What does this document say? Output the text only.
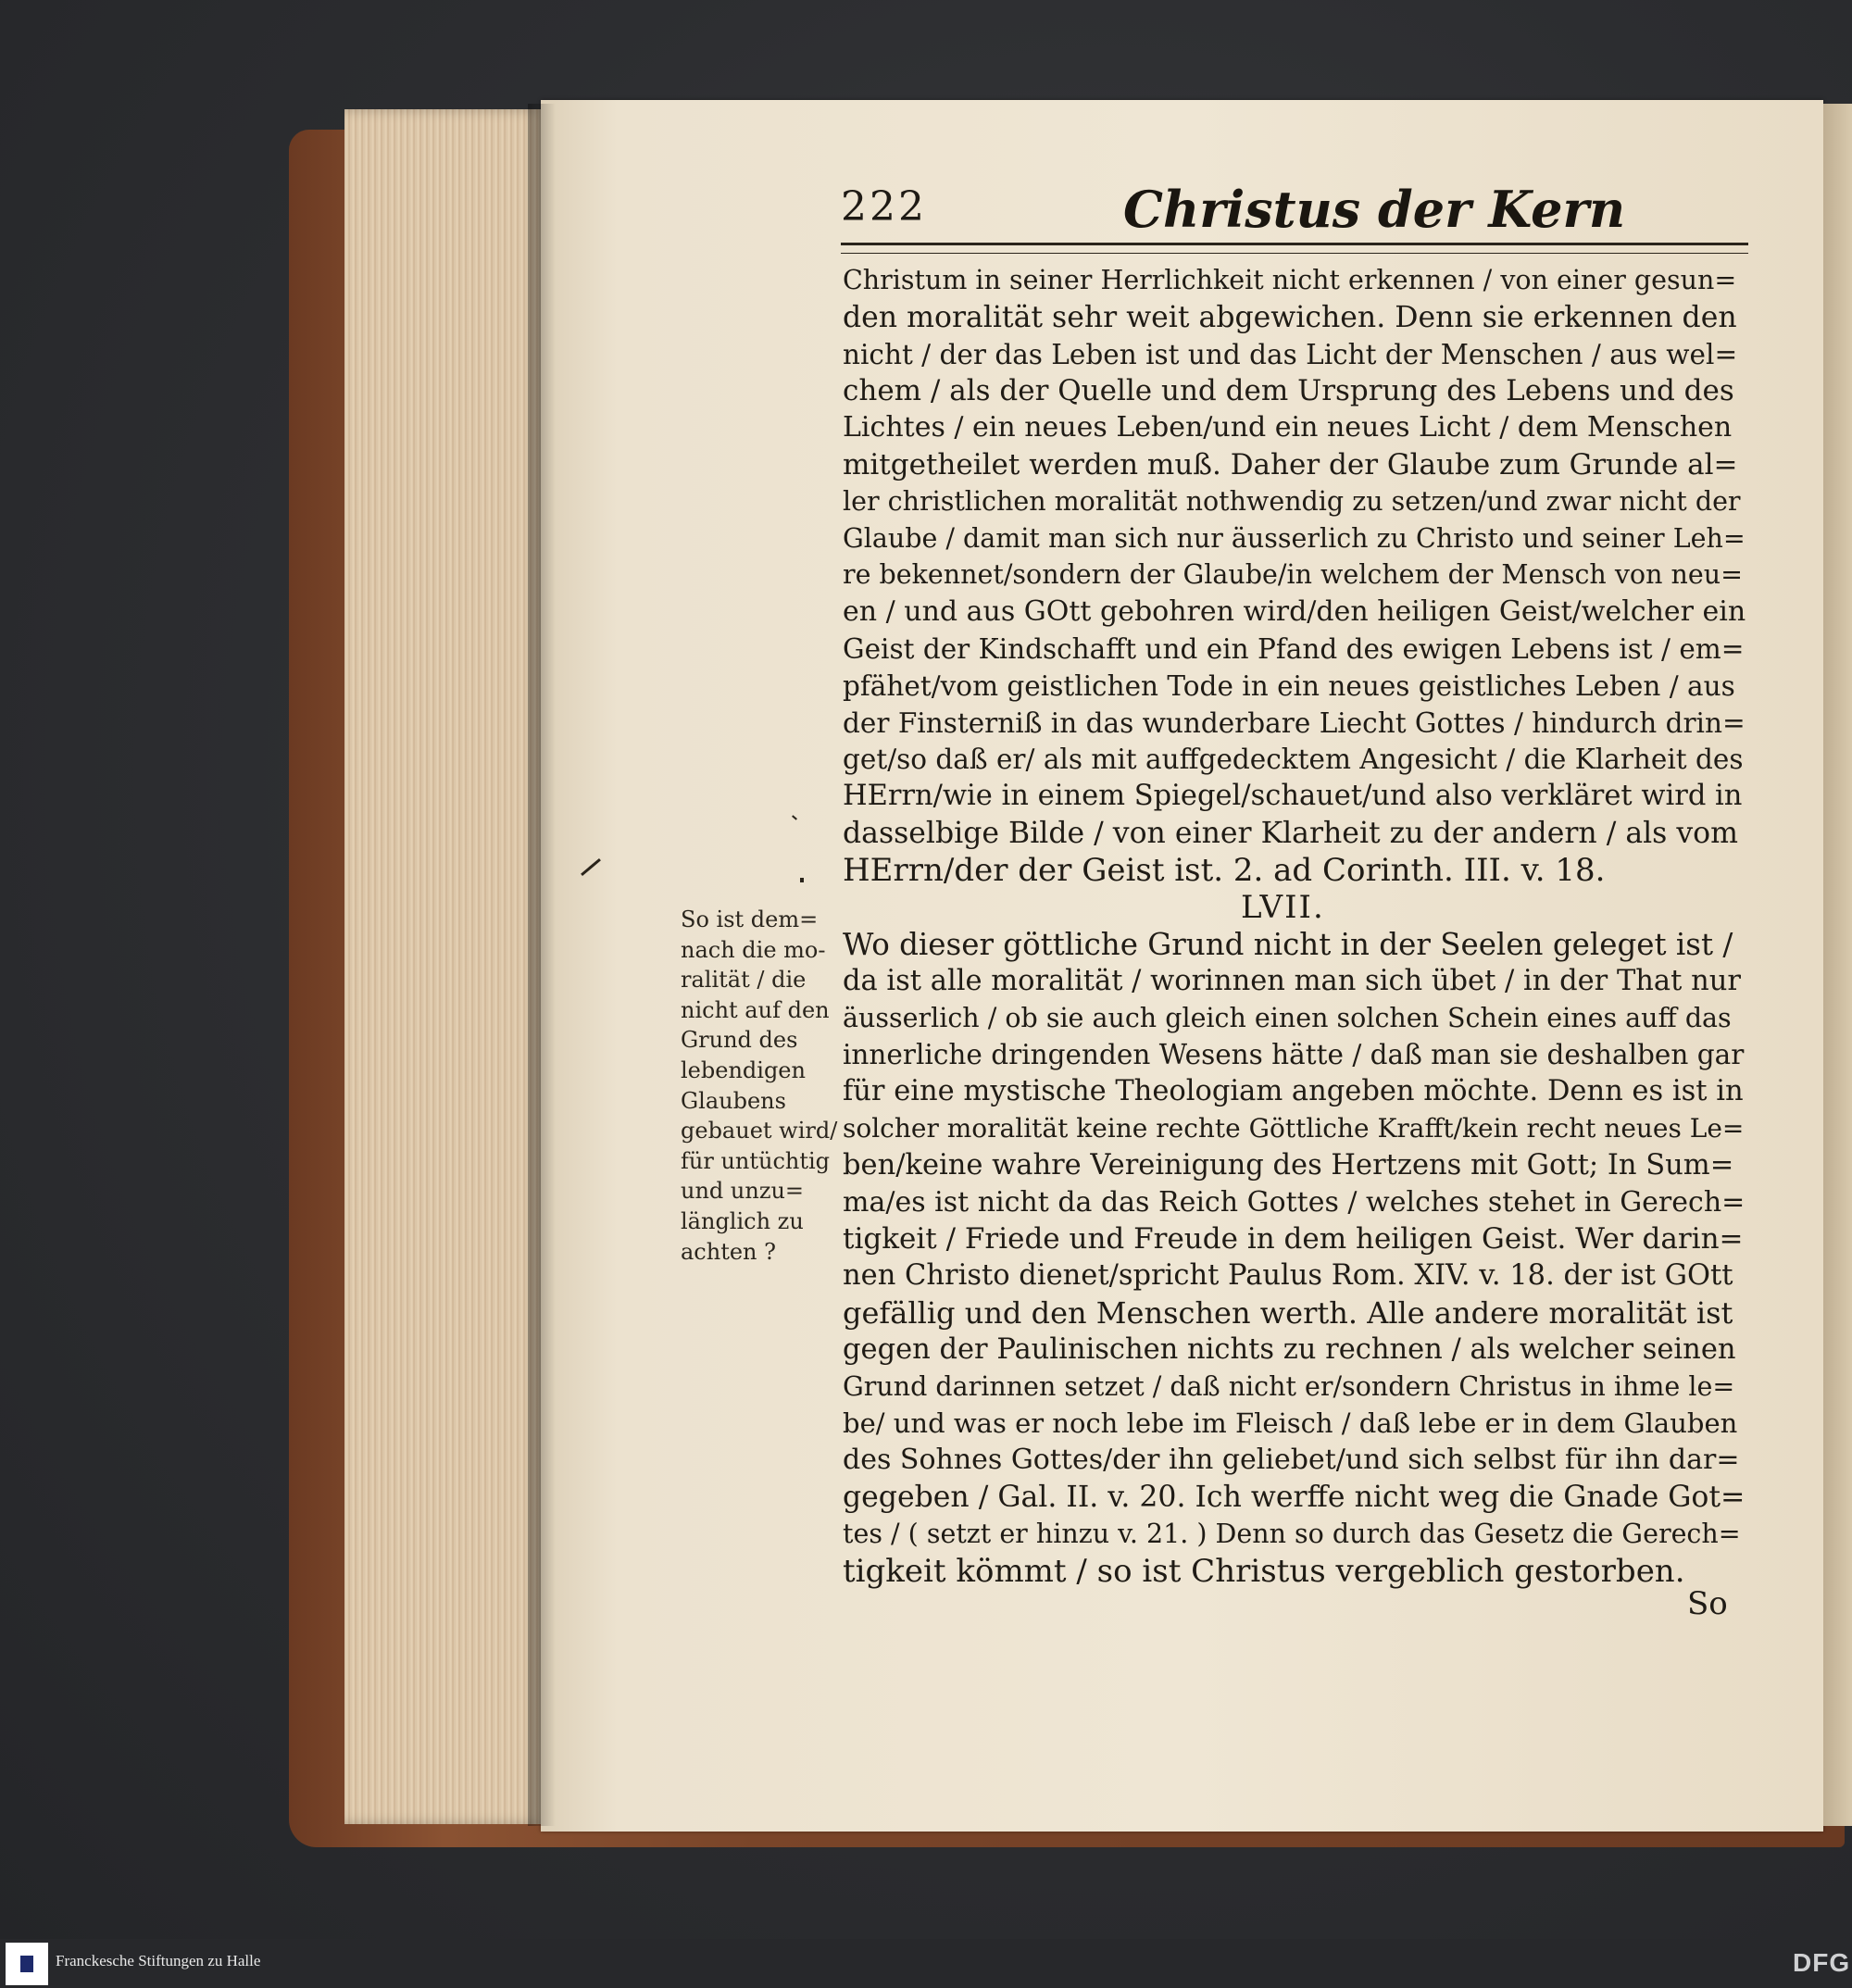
222	Christus der Kern
Christum in seiner Herrlichkeit nicht erkennen / von einer gesun=
den moralität sehr weit abgewichen. Denn sie erkennen den
nicht / der das Leben ist und das Licht der Menschen / aus wel=
chem / als der Quelle und dem Ursprung des Lebens und des
Lichtes / ein neues Leben/und ein neues Licht / dem Menschen
mitgetheilet werden muß. Daher der Glaube zum Grunde al=
ler christlichen moralität nothwendig zu setzen/und zwar nicht der
Glaube / damit man sich nur äusserlich zu Christo und seiner Leh=
re bekennet/sondern der Glaube/in welchem der Mensch von neu=
en / und aus GOtt gebohren wird/den heiligen Geist/welcher ein
Geist der Kindschafft und ein Pfand des ewigen Lebens ist / em=
pfähet/vom geistlichen Tode in ein neues geistliches Leben / aus
der Finsterniß in das wunderbare Liecht Gottes / hindurch drin=
get/so daß er/ als mit auffgedecktem Angesicht / die Klarheit des
HErrn/wie in einem Spiegel/schauet/und also verkläret wird in
dasselbige Bilde / von einer Klarheit zu der andern / als vom
HErrn/der der Geist ist. 2. ad Corinth. III. v. 18.
LVII.
Wo dieser göttliche Grund nicht in der Seelen geleget ist /
da ist alle moralität / worinnen man sich übet / in der That nur
äusserlich / ob sie auch gleich einen solchen Schein eines auff das
innerliche dringenden Wesens hätte / daß man sie deshalben gar
für eine mystische Theologiam angeben möchte. Denn es ist in
solcher moralität keine rechte Göttliche Krafft/kein recht neues Le=
ben/keine wahre Vereinigung des Hertzens mit Gott; In Sum=
ma/es ist nicht da das Reich Gottes / welches stehet in Gerech=
tigkeit / Friede und Freude in dem heiligen Geist. Wer darin=
nen Christo dienet/spricht Paulus Rom. XIV. v. 18. der ist GOtt
gefällig und den Menschen werth. Alle andere moralität ist
gegen der Paulinischen nichts zu rechnen / als welcher seinen
Grund darinnen setzet / daß nicht er/sondern Christus in ihme le=
be/ und was er noch lebe im Fleisch / daß lebe er in dem Glauben
des Sohnes Gottes/der ihn geliebet/und sich selbst für ihn dar=
gegeben / Gal. II. v. 20. Ich werffe nicht weg die Gnade Got=
tes / ( setzt er hinzu v. 21. ) Denn so durch das Gesetz die Gerech=
tigkeit kömmt / so ist Christus vergeblich gestorben.
So ist dem=
nach die mo-
ralität / die
nicht auf den
Grund des
lebendigen
Glaubens
gebauet wird/
für untüchtig
und unzu=
länglich zu
achten ?
So
Franckesche Stiftungen zu Halle	DFG
